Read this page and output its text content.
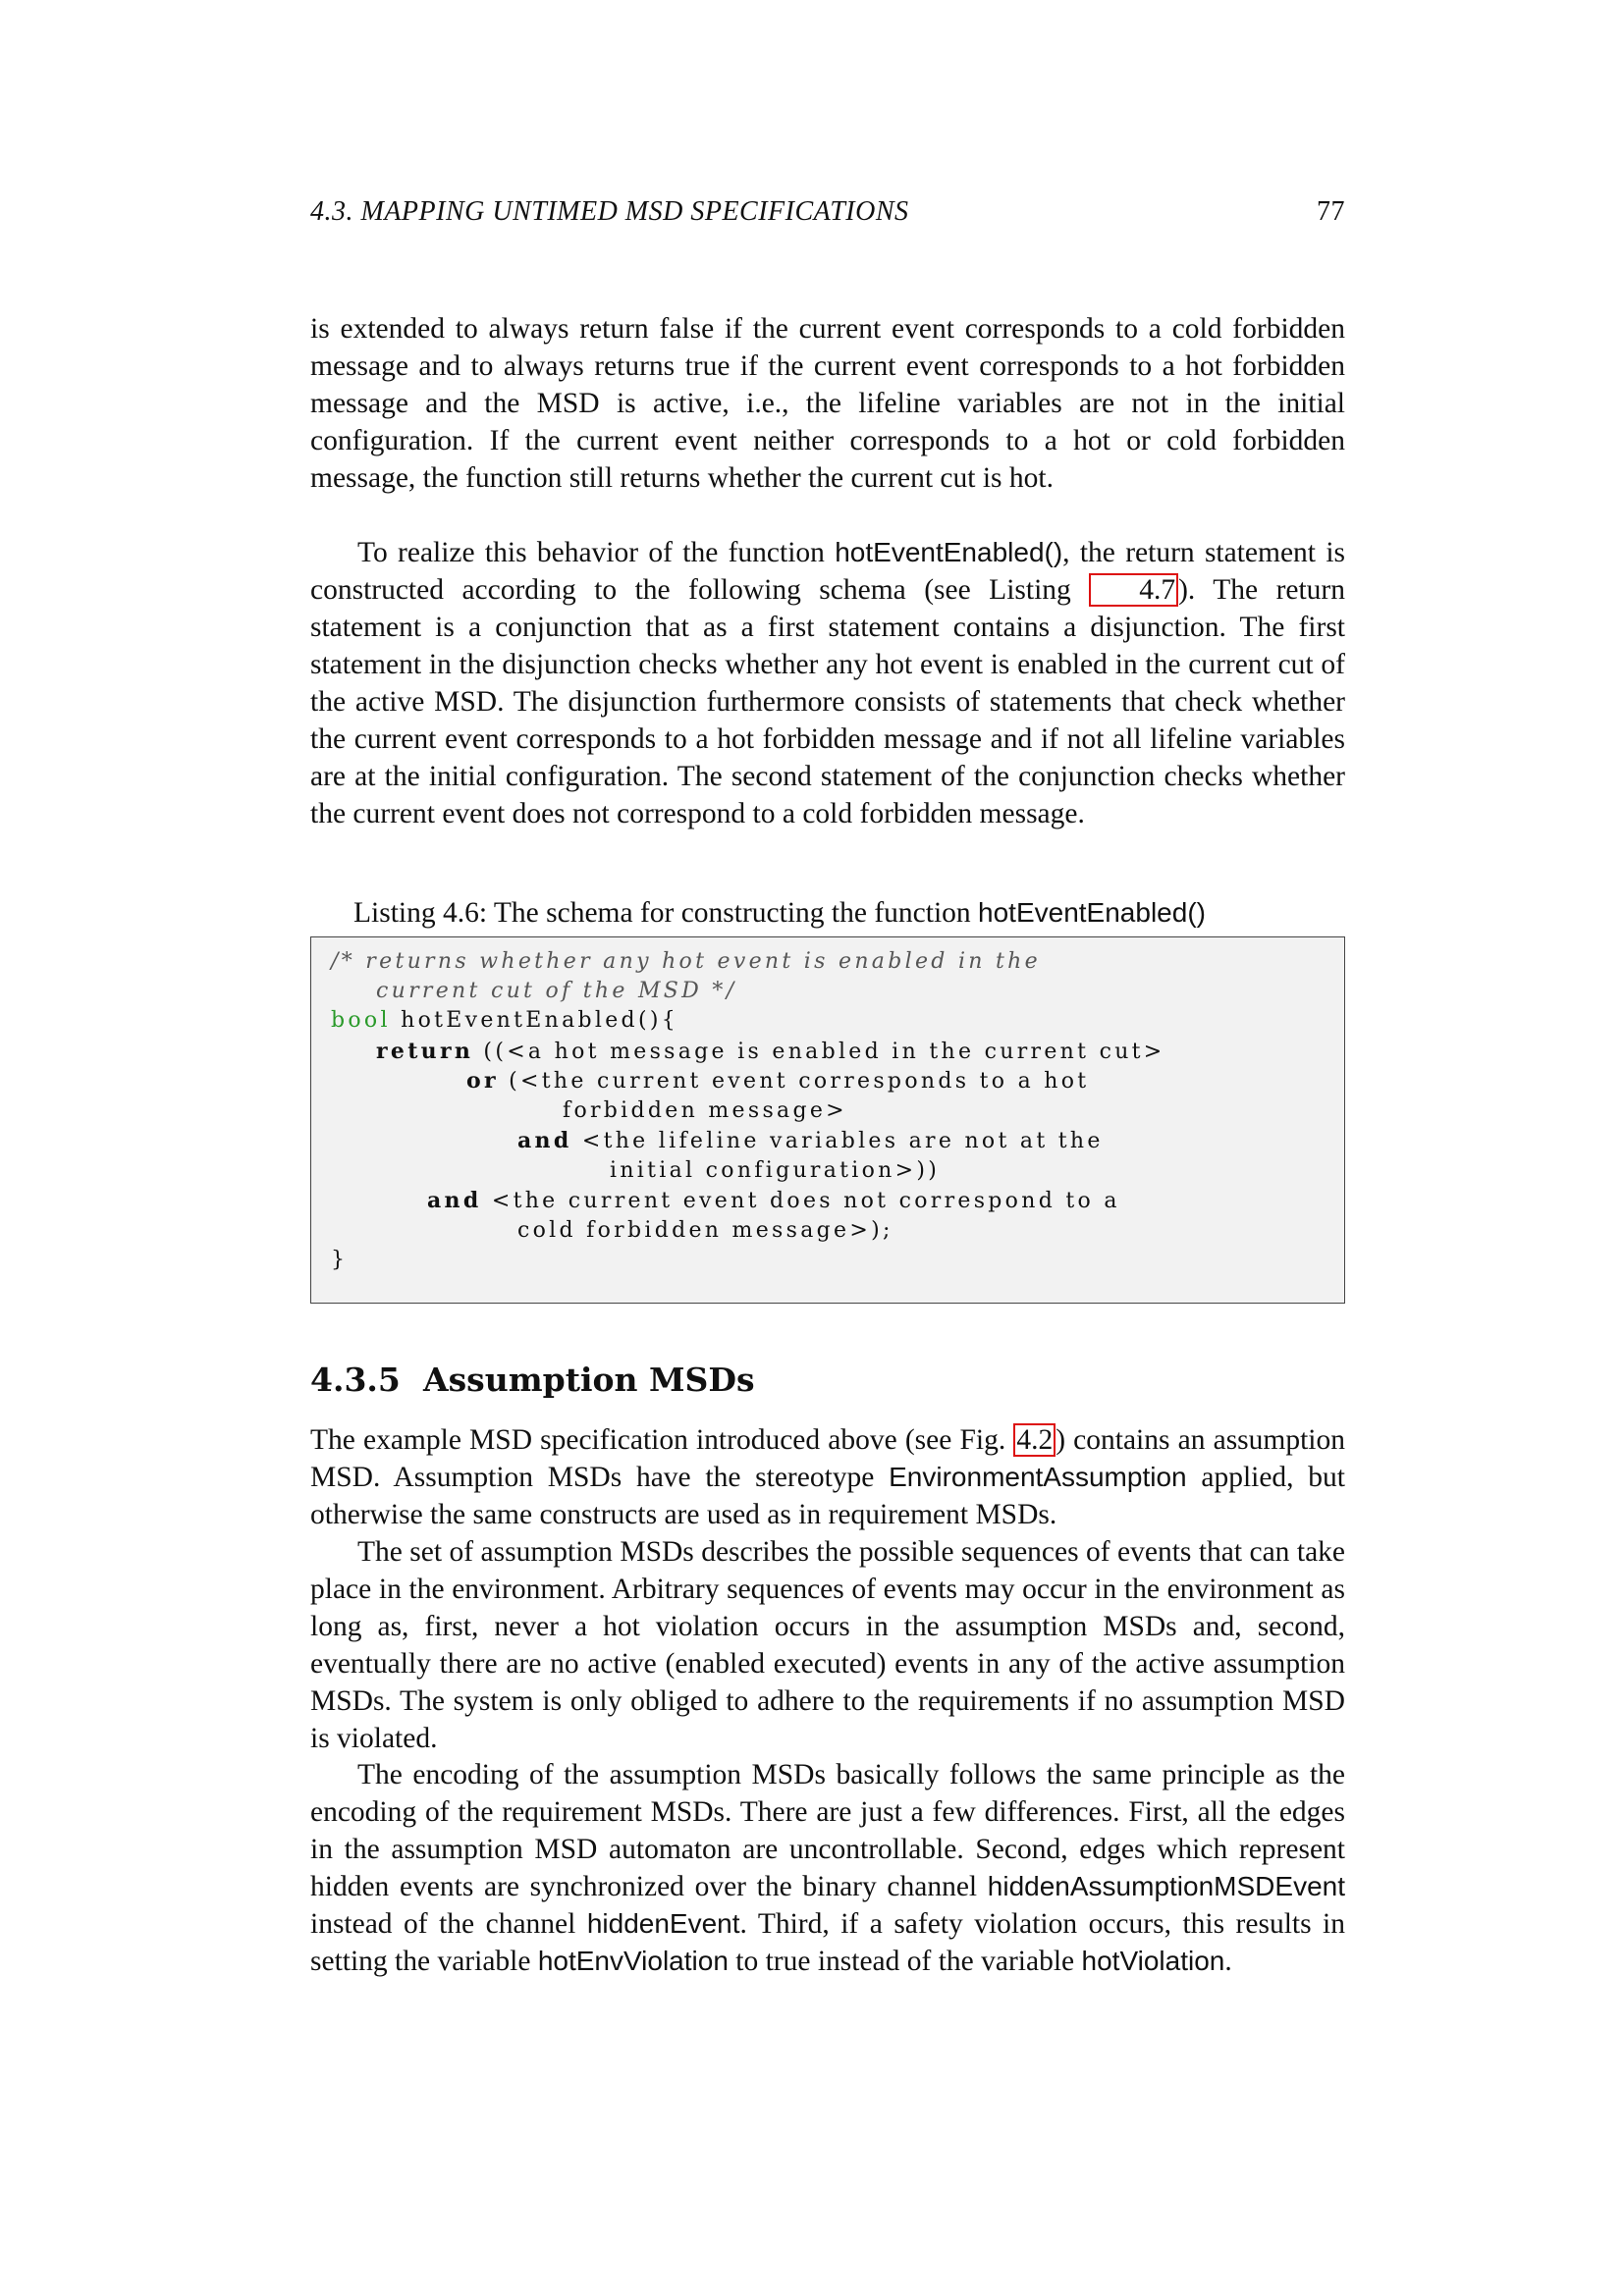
4.3. MAPPING UNTIMED MSD SPECIFICATIONS	77

is extended to always return false if the current event corresponds to a cold forbidden message and to always returns true if the current event corresponds to a hot forbidden message and the MSD is active, i.e., the lifeline variables are not in the initial configuration. If the current event neither corresponds to a hot or cold forbidden message, the function still returns whether the current cut is hot.

To realize this behavior of the function hotEventEnabled(), the return statement is constructed according to the following schema (see Listing 4.7 ). The return statement is a conjunction that as a first statement contains a disjunction. The first statement in the disjunction checks whether any hot event is enabled in the current cut of the active MSD. The disjunction furthermore consists of statements that check whether the current event corresponds to a hot forbidden message and if not all lifeline variables are at the initial configuration. The second statement of the conjunction checks whether the current event does not correspond to a cold forbidden message.

Listing 4.6: The schema for constructing the function hotEventEnabled()
/* returns whether any hot event is enabled in the
current cut of the MSD */
bool hotEventEnabled(){
return ((<a hot message is enabled in the current cut>
or (<the current event corresponds to a hot
forbidden message>
and <the lifeline variables are not at the
initial configuration>))
and <the current event does not correspond to a
cold forbidden message>);
}
4.3.5 Assumption MSDs

The example MSD specification introduced above (see Fig. 4.2 ) contains an assumption MSD. Assumption MSDs have the stereotype EnvironmentAssumption applied, but otherwise the same constructs are used as in requirement MSDs.

The set of assumption MSDs describes the possible sequences of events that can take place in the environment. Arbitrary sequences of events may occur in the environment as long as, first, never a hot violation occurs in the assumption MSDs and, second, eventually there are no active (enabled executed) events in any of the active assumption MSDs. The system is only obliged to adhere to the requirements if no assumption MSD is violated.

The encoding of the assumption MSDs basically follows the same principle as the encoding of the requirement MSDs. There are just a few differences. First, all the edges in the assumption MSD automaton are uncontrollable. Second, edges which represent hidden events are synchronized over the binary channel hiddenAssumptionMSDEvent instead of the channel hiddenEvent. Third, if a safety violation occurs, this results in setting the variable hotEnvViolation to true instead of the variable hotViolation.
